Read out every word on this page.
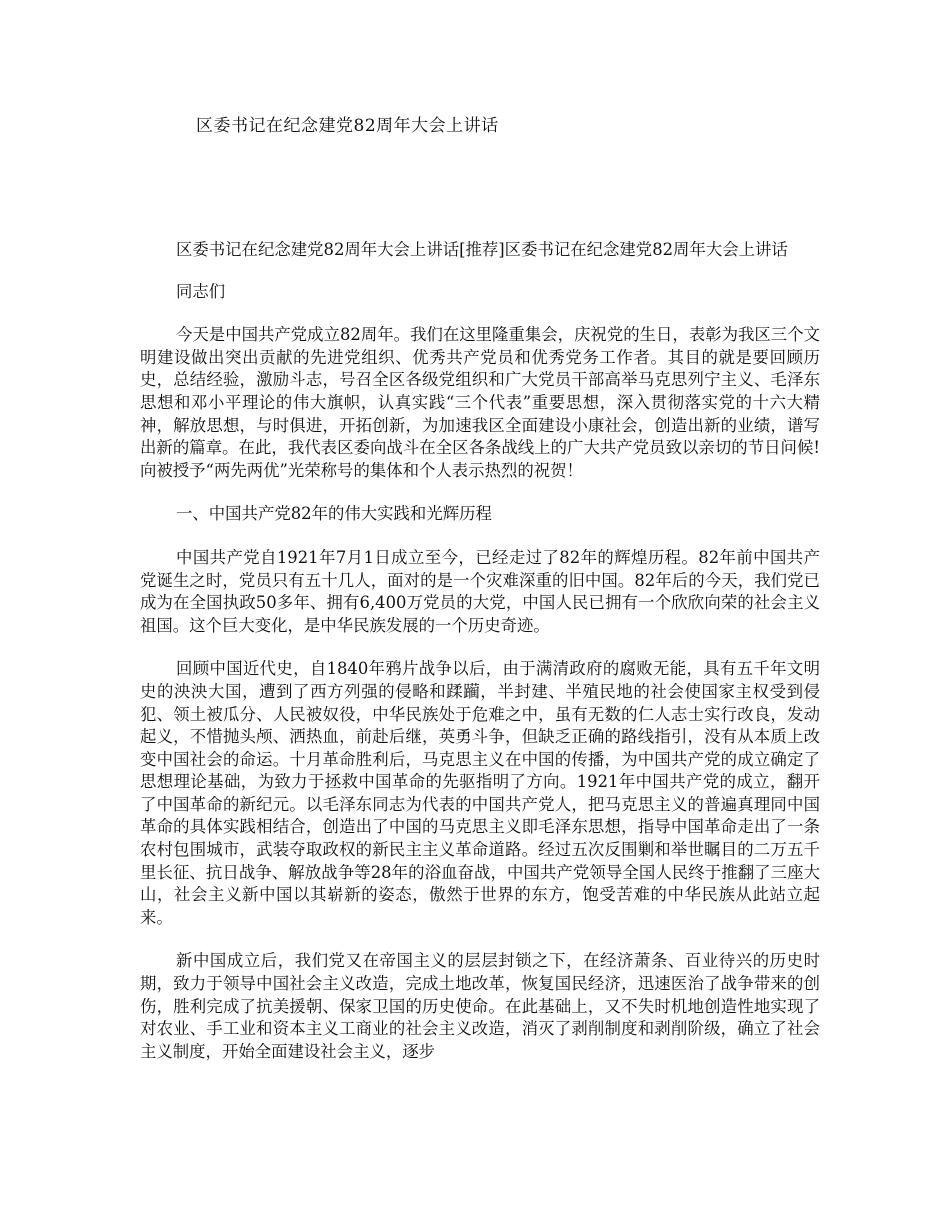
区委书记在纪念建党82周年大会上讲话

区委书记在纪念建党82周年大会上讲话[推荐]区委书记在纪念建党82周年大会上讲话

同志们

今天是中国共产党成立82周年。我们在这里隆重集会，庆祝党的生日，表彰为我区三个文明建设做出突出贡献的先进党组织、优秀共产党员和优秀党务工作者。其目的就是要回顾历史，总结经验，激励斗志，号召全区各级党组织和广大党员干部高举马克思列宁主义、毛泽东思想和邓小平理论的伟大旗帜，认真实践“三个代表”重要思想，深入贯彻落实党的十六大精神，解放思想，与时俱进，开拓创新，为加速我区全面建设小康社会，创造出新的业绩，谱写出新的篇章。在此，我代表区委向战斗在全区各条战线上的广大共产党员致以亲切的节日问候!向被授予“两先两优”光荣称号的集体和个人表示热烈的祝贺！

一、中国共产党82年的伟大实践和光辉历程

中国共产党自1921年7月1日成立至今，已经走过了82年的辉煌历程。82年前中国共产党诞生之时，党员只有五十几人，面对的是一个灾难深重的旧中国。82年后的今天，我们党已成为在全国执政50多年、拥有6,400万党员的大党，中国人民已拥有一个欣欣向荣的社会主义祖国。这个巨大变化，是中华民族发展的一个历史奇迹。

回顾中国近代史，自1840年鸦片战争以后，由于满清政府的腐败无能，具有五千年文明史的泱泱大国，遭到了西方列强的侵略和蹂躏，半封建、半殖民地的社会使国家主权受到侵犯、领土被瓜分、人民被奴役，中华民族处于危难之中，虽有无数的仁人志士实行改良，发动起义，不惜抛头颅、洒热血，前赴后继，英勇斗争，但缺乏正确的路线指引，没有从本质上改变中国社会的命运。十月革命胜利后，马克思主义在中国的传播，为中国共产党的成立确定了思想理论基础，为致力于拯救中国革命的先驱指明了方向。1921年中国共产党的成立，翻开了中国革命的新纪元。以毛泽东同志为代表的中国共产党人，把马克思主义的普遍真理同中国革命的具体实践相结合，创造出了中国的马克思主义即毛泽东思想，指导中国革命走出了一条农村包围城市，武装夺取政权的新民主主义革命道路。经过五次反围剿和举世瞩目的二万五千里长征、抗日战争、解放战争等28年的浴血奋战，中国共产党领导全国人民终于推翻了三座大山，社会主义新中国以其崭新的姿态，傲然于世界的东方，饱受苦难的中华民族从此站立起来。

新中国成立后，我们党又在帝国主义的层层封锁之下，在经济萧条、百业待兴的历史时期，致力于领导中国社会主义改造，完成土地改革，恢复国民经济，迅速医治了战争带来的创伤，胜利完成了抗美援朝、保家卫国的历史使命。在此基础上，又不失时机地创造性地实现了对农业、手工业和资本主义工商业的社会主义改造，消灭了剥削制度和剥削阶级，确立了社会主义制度，开始全面建设社会主义，逐步
